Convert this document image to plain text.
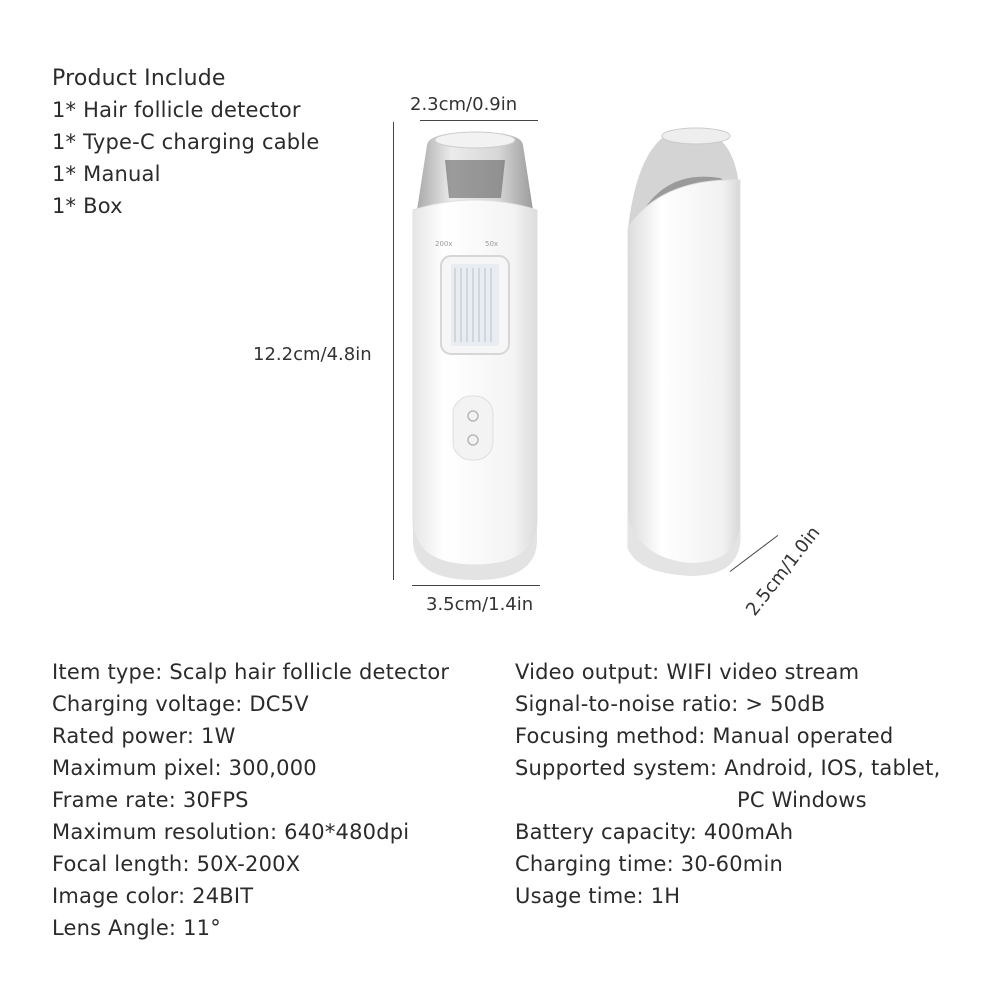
Product Include
1* Hair follicle detector
1* Type-C charging cable
1* Manual
1* Box
2.3cm/0.9in
12.2cm/4.8in
3.5cm/1.4in	2.5cm/1.0in
200x	50x
Item type: Scalp hair follicle detector
Charging voltage: DC5V
Rated power: 1W
Maximum pixel: 300,000
Frame rate: 30FPS
Maximum resolution: 640*480dpi
Focal length: 50X-200X
Image color: 24BIT
Lens Angle: 11°
Video output: WIFI video stream
Signal-to-noise ratio: > 50dB
Focusing method: Manual operated
Supported system: Android, IOS, tablet,
PC Windows
Battery capacity: 400mAh
Charging time: 30-60min
Usage time: 1H
